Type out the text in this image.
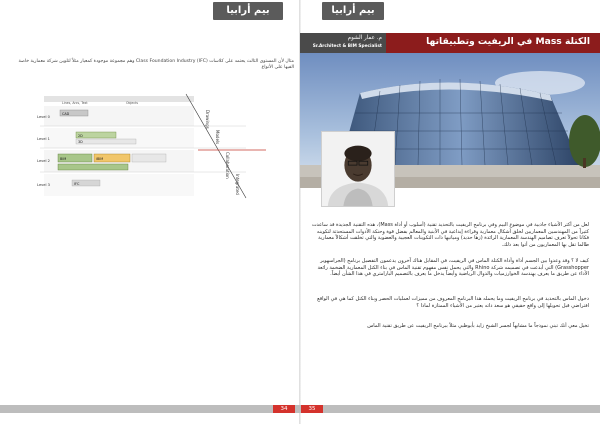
بيم أرابيا	بيم أرابيا
مثال لأن المستوى الثالث يحتمد على كلاسات (IFC) Class Foundation Industry وهم مجموعة موجودة كمعيار مثلاً لتلوين شركة معمارية خاصة الفيها على الأنواع
Drawings
Models
Collaboration
Integrated
Level 0
Level 1
Level 2
Level 3
CAD
2D
3D
BIM	iBIM
IFC
Lines, Arcs, Text	Objects
م. عمار الشوم
Sr.Architect & BIM Specialist	الكتلة Mass في الريفيت وتطبيقاتها
لعل من أكثر الأشياء جاذبية في موضوع البيم وفي برنامج الريفيت بالتحديد تقنية (أسلوب أو أداة Mass)، هذه التقنية الجديدة قد ساعدت كثيراً من المهندسين المعماريين لخلق أشكال معمارية وقراءة إبداعية في الأبنية والمعالم بفضل قوة وحنكة الأدوات المستحدثة لتكوينه فكانا تحولاً تعرف تصاميم الهندسة المعمارية الرائدة (زها حديد) وميانيها ذات التكوينات العجيبة والعضوية والتي تخلقت أشكالاً معمارية طالما تقل بها المعماريون من أتوا بعد ذلك.
كيف لا ؟ وقد وعدوا بين الجسم أداة وأداة الكتلة الماس في الريفيت، في المقابل هناك آخرون يدعمون التفصيل برنامج (الجراسهوبر Grasshopper) التي أبدعت في تصميمه شركة Rhino والتي يحمل نفس مفهوم تقنية الماس في بناء الكتل المعمارية الضخمة رائعة الأداء عن طريق ما يعرف بهندسة الخوارزميات والدوال الرياضية وأيضاً يدخل ما يعرف بالتصميم البارامتري في هذا الشأن أيضاً.
دخول الماس بالتحديد في برنامج الريفيت وما يحمله هذا البرنامج المعروف من مميزات لعمليات الحصر وبناء الكتل كما هي في الواقع افتراضي قبل تحويلها إلى واقع حقيقي هو سعد ذاته يعتبر من الأشياء الممتازة لماذا ؟
تخيل معي أنك تبني نموذجاً ما مشابهاً لجسر الشيخ زايد بأبوظبي مثلاً ببرنامج الريفيت عن طريق تقنية الماس
34	35
